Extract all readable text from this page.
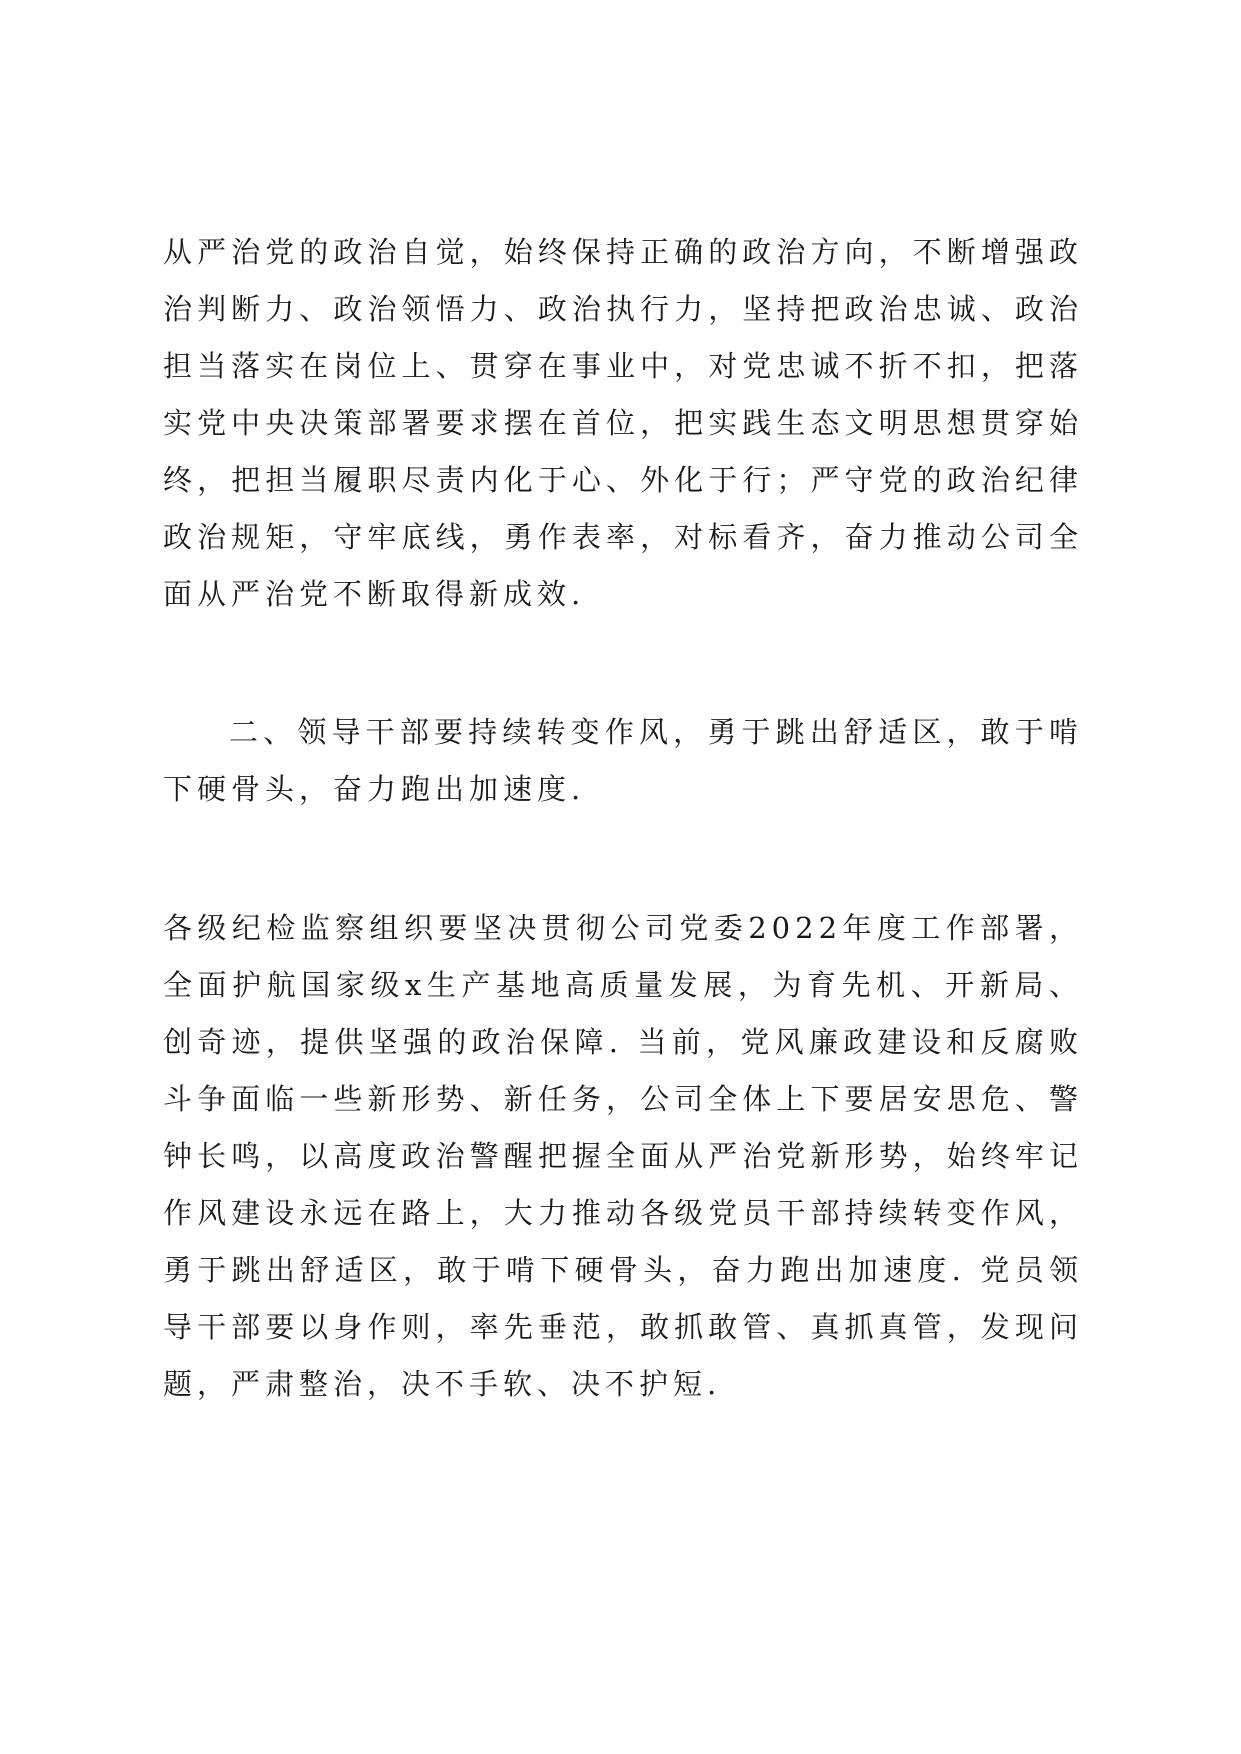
从严治党的政治自觉，始终保持正确的政治方向，不断增强政治判断力、政治领悟力、政治执行力，坚持把政治忠诚、政治担当落实在岗位上、贯穿在事业中，对党忠诚不折不扣，把落实党中央决策部署要求摆在首位，把实践生态文明思想贯穿始终，把担当履职尽责内化于心、外化于行；严守党的政治纪律政治规矩，守牢底线，勇作表率，对标看齐，奋力推动公司全面从严治党不断取得新成效.

二、领导干部要持续转变作风，勇于跳出舒适区，敢于啃下硬骨头，奋力跑出加速度.

各级纪检监察组织要坚决贯彻公司党委2022年度工作部署，全面护航国家级x生产基地高质量发展，为育先机、开新局、创奇迹，提供坚强的政治保障. 当前，党风廉政建设和反腐败斗争面临一些新形势、新任务，公司全体上下要居安思危、警钟长鸣，以高度政治警醒把握全面从严治党新形势，始终牢记作风建设永远在路上，大力推动各级党员干部持续转变作风，勇于跳出舒适区，敢于啃下硬骨头，奋力跑出加速度. 党员领导干部要以身作则，率先垂范，敢抓敢管、真抓真管，发现问题，严肃整治，决不手软、决不护短.
